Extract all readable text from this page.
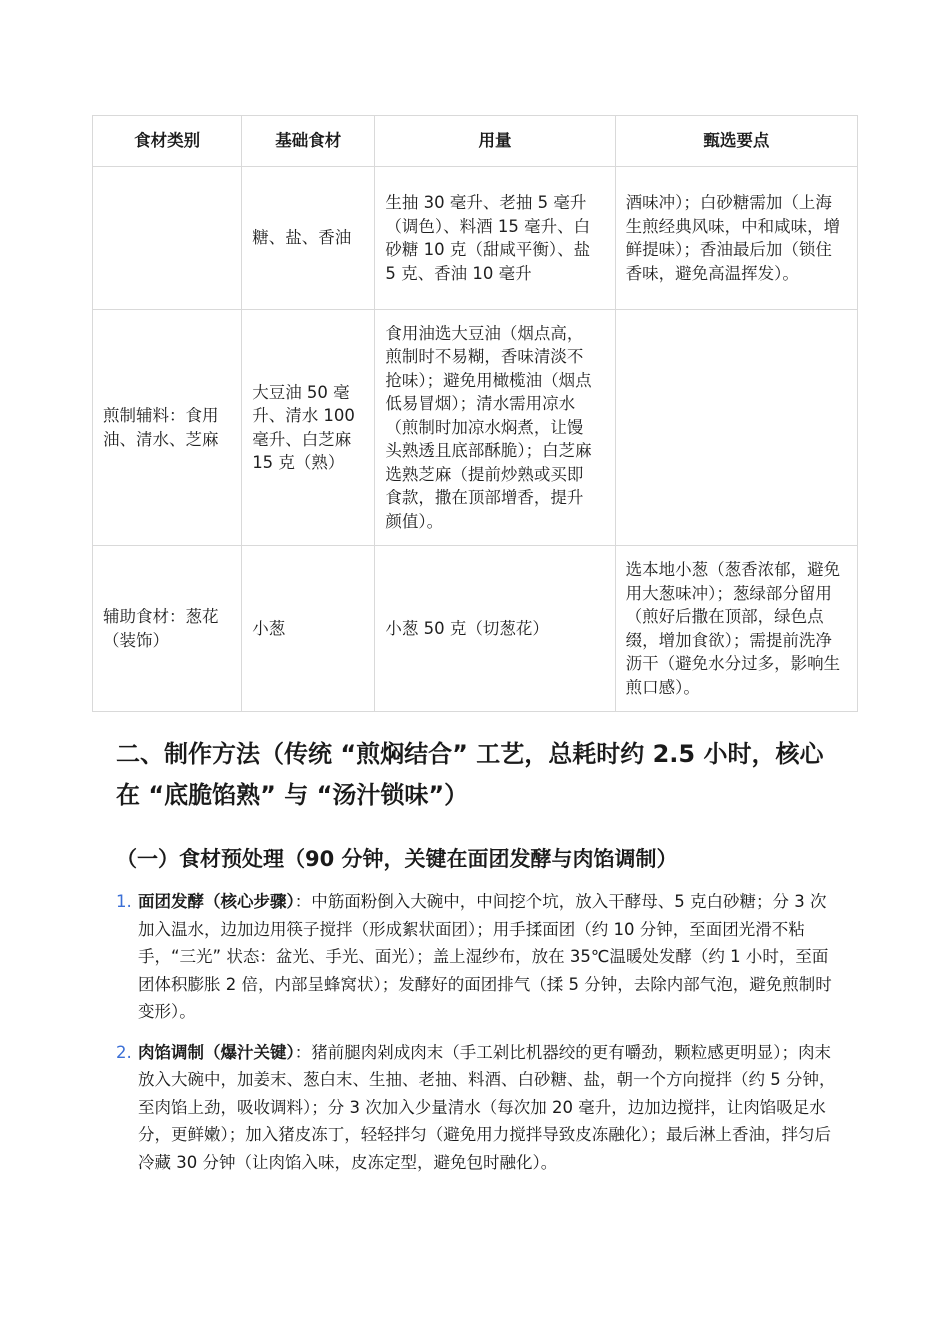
食材类别	基础食材	用量	甄选要点
	糖、盐、香油	生抽 30 毫升、老抽 5 毫升（调色）、料酒 15 毫升、白砂糖 10 克（甜咸平衡）、盐 5 克、香油 10 毫升	酒味冲）；白砂糖需加（上海生煎经典风味，中和咸味，增鲜提味）；香油最后加（锁住香味，避免高温挥发）。
煎制辅料：食用油、清水、芝麻	大豆油 50 毫升、清水 100 毫升、白芝麻 15 克（熟）	食用油选大豆油（烟点高，煎制时不易糊，香味清淡不抢味）；避免用橄榄油（烟点低易冒烟）；清水需用凉水（煎制时加凉水焖煮，让馒头熟透且底部酥脆）；白芝麻选熟芝麻（提前炒熟或买即食款，撒在顶部增香，提升颜值）。	
辅助食材：葱花（装饰）	小葱	小葱 50 克（切葱花）	选本地小葱（葱香浓郁，避免用大葱味冲）；葱绿部分留用（煎好后撒在顶部，绿色点缀，增加食欲）；需提前洗净沥干（避免水分过多，影响生煎口感）。
二、制作方法（传统 “煎焖结合” 工艺，总耗时约 2.5 小时，核心在 “底脆馅熟” 与 “汤汁锁味”）
（一）食材预处理（90 分钟，关键在面团发酵与肉馅调制）
1. 面团发酵（核心步骤）：中筋面粉倒入大碗中，中间挖个坑，放入干酵母、5 克白砂糖；分 3 次加入温水，边加边用筷子搅拌（形成絮状面团）；用手揉面团（约 10 分钟，至面团光滑不粘手，“三光” 状态：盆光、手光、面光）；盖上湿纱布，放在 35℃温暖处发酵（约 1 小时，至面团体积膨胀 2 倍，内部呈蜂窝状）；发酵好的面团排气（揉 5 分钟，去除内部气泡，避免煎制时变形）。
2. 肉馅调制（爆汁关键）：猪前腿肉剁成肉末（手工剁比机器绞的更有嚼劲，颗粒感更明显）；肉末放入大碗中，加姜末、葱白末、生抽、老抽、料酒、白砂糖、盐，朝一个方向搅拌（约 5 分钟，至肉馅上劲，吸收调料）；分 3 次加入少量清水（每次加 20 毫升，边加边搅拌，让肉馅吸足水分，更鲜嫩）；加入猪皮冻丁，轻轻拌匀（避免用力搅拌导致皮冻融化）；最后淋上香油，拌匀后冷藏 30 分钟（让肉馅入味，皮冻定型，避免包时融化）。
